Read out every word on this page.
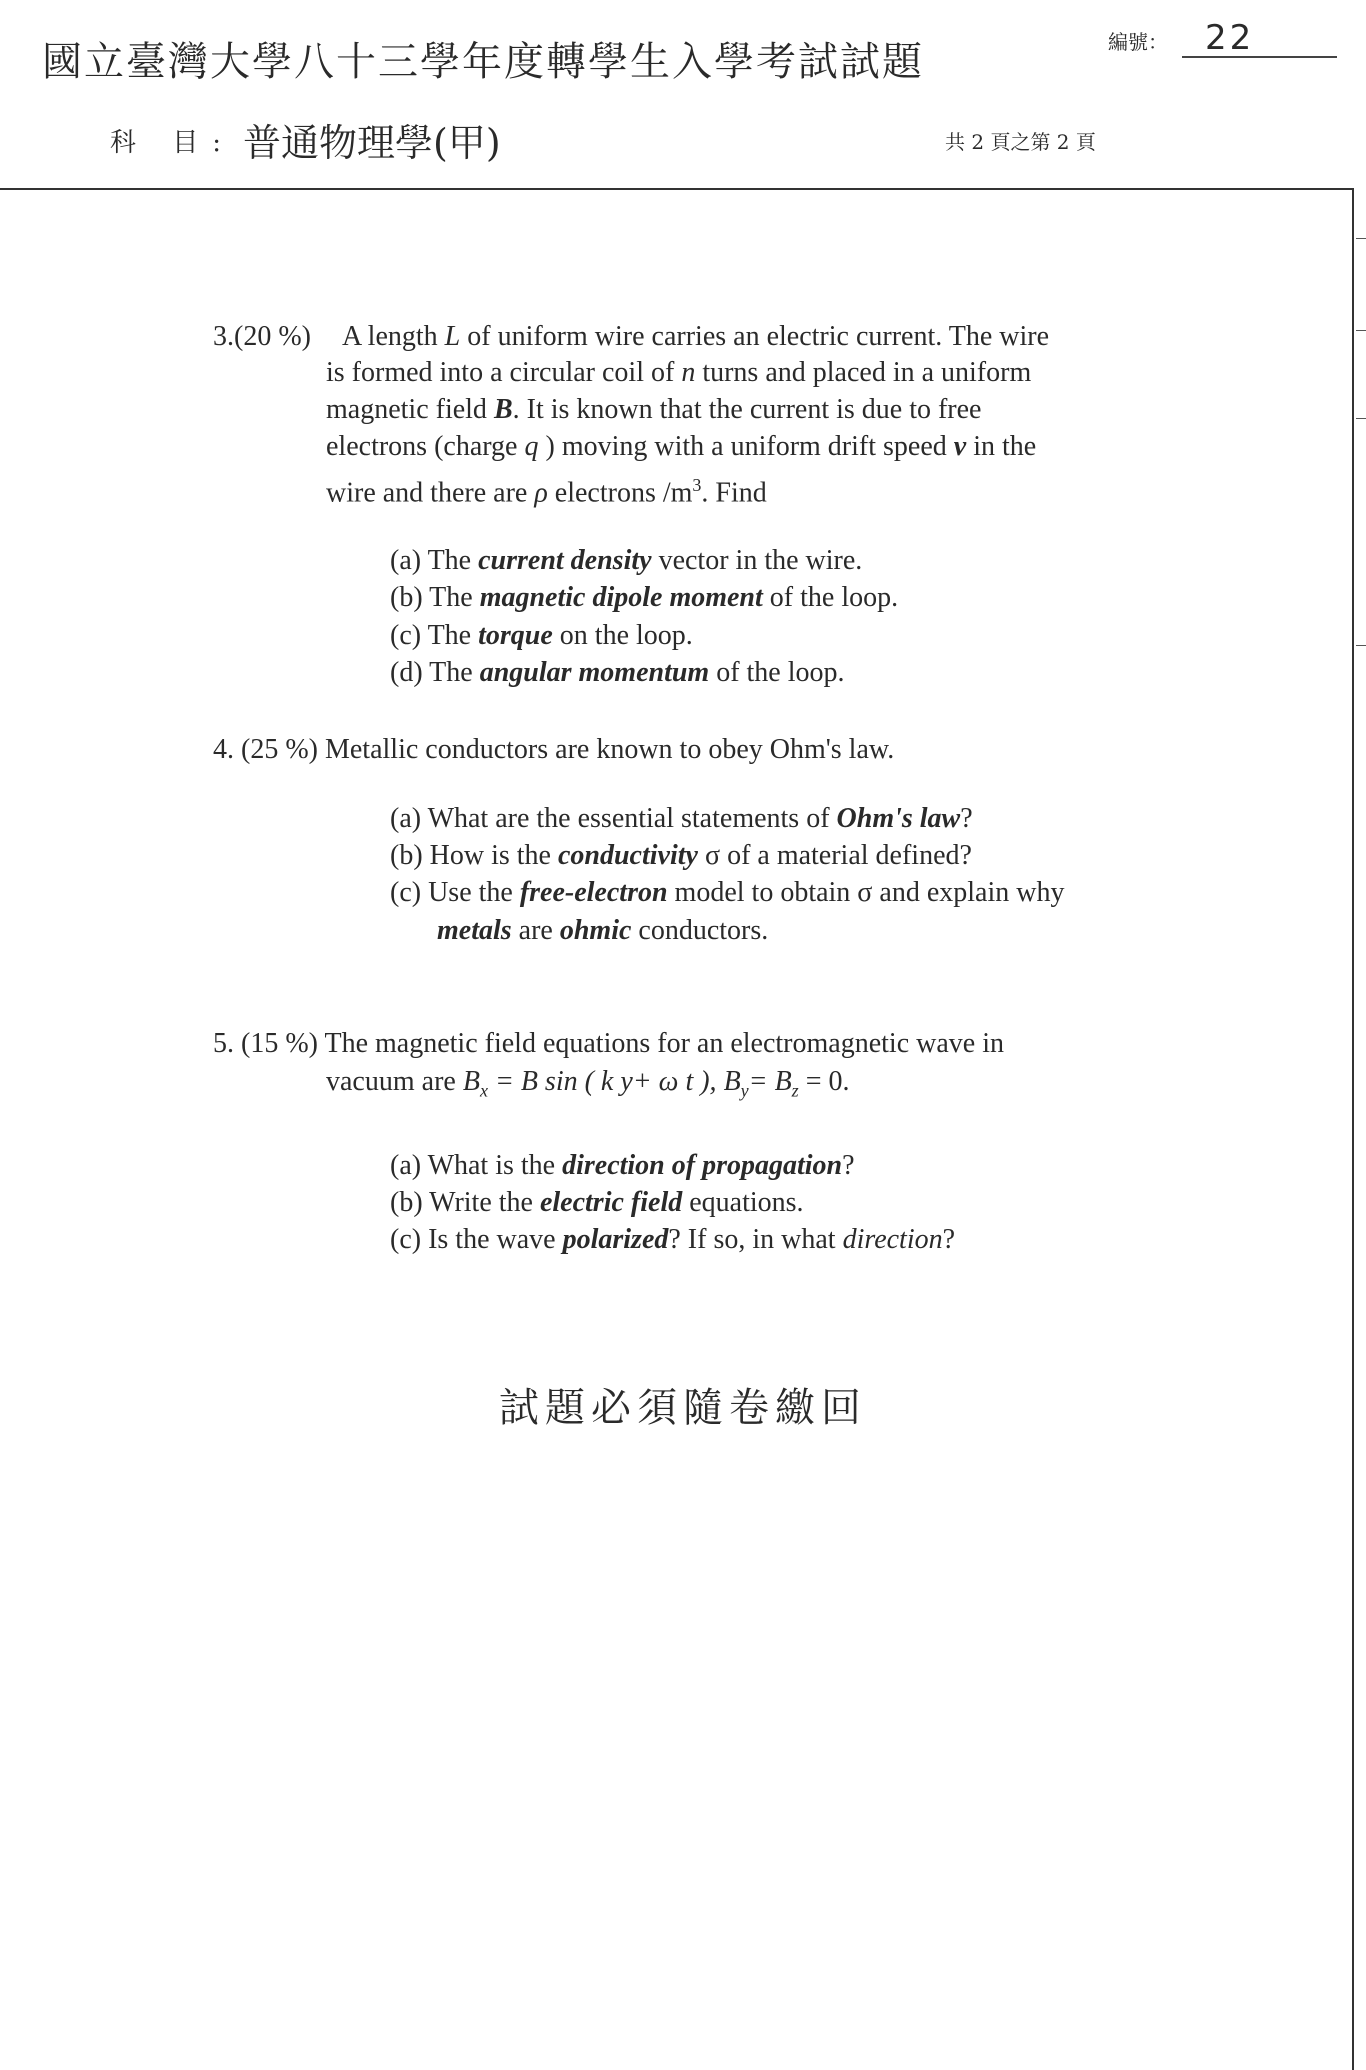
國立臺灣大學八十三學年度轉學生入學考試試題	編號： 22
科 目: 普通物理學(甲)	共 2 頁之第 2 頁
3.(20 %) A length L of uniform wire carries an electric current. The wire
is formed into a circular coil of n turns and placed in a uniform
magnetic field B. It is known that the current is due to free
electrons (charge q ) moving with a uniform drift speed v in the
wire and there are ρ electrons $/m^3$. Find
(a) The current density vector in the wire.
(b) The magnetic dipole moment of the loop.
(c) The torque on the loop.
(d) The angular momentum of the loop.
4. (25 %) Metallic conductors are known to obey Ohm's law.
(a) What are the essential statements of Ohm's law?
(b) How is the conductivity σ of a material defined?
(c) Use the free-electron model to obtain σ and explain why
metals are ohmic conductors.
5. (15 %) The magnetic field equations for an electromagnetic wave in
vacuum are $B_x = B$ sin ( k y+ ω t ), $B_y= B_z = 0$.
(a) What is the direction of propagation?
(b) Write the electric field equations.
(c) Is the wave polarized? If so, in what direction?
試題必須隨卷繳回
